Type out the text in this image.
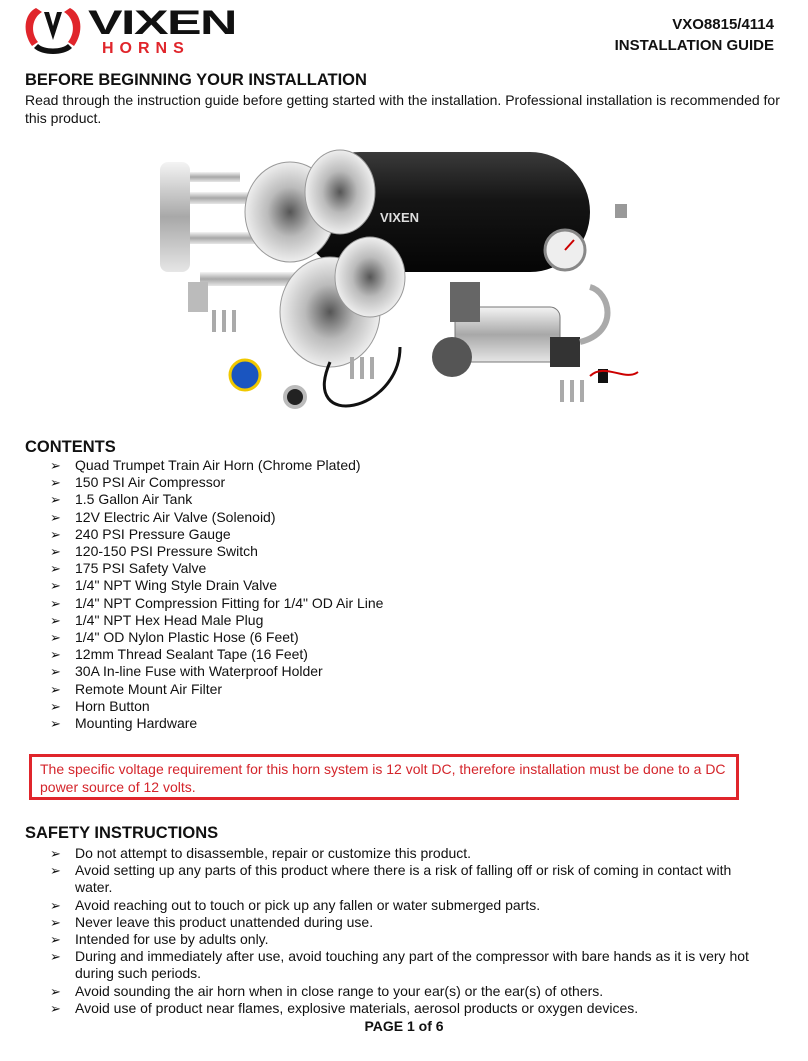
VIXEN
HORNS
VXO8815/4114
INSTALLATION GUIDE
BEFORE BEGINNING YOUR INSTALLATION

Read through the instruction guide before getting started with the installation. Professional installation is recommended for this product.

VIXEN
CONTENTS
➢ Quad Trumpet Train Air Horn (Chrome Plated)
➢ 150 PSI Air Compressor
➢ 1.5 Gallon Air Tank
➢ 12V Electric Air Valve (Solenoid)
➢ 240 PSI Pressure Gauge
➢ 120-150 PSI Pressure Switch
➢ 175 PSI Safety Valve
➢ 1/4" NPT Wing Style Drain Valve
➢ 1/4" NPT Compression Fitting for 1/4" OD Air Line
➢ 1/4" NPT Hex Head Male Plug
➢ 1/4" OD Nylon Plastic Hose (6 Feet)
➢ 12mm Thread Sealant Tape (16 Feet)
➢ 30A In-line Fuse with Waterproof Holder
➢ Remote Mount Air Filter
➢ Horn Button
➢ Mounting Hardware
The specific voltage requirement for this horn system is 12 volt DC, therefore installation must be done to a DC power source of 12 volts.
SAFETY INSTRUCTIONS
➢ Do not attempt to disassemble, repair or customize this product.
➢ Avoid setting up any parts of this product where there is a risk of falling off or risk of coming in contact with water.
➢ Avoid reaching out to touch or pick up any fallen or water submerged parts.
➢ Never leave this product unattended during use.
➢ Intended for use by adults only.
➢ During and immediately after use, avoid touching any part of the compressor with bare hands as it is very hot during such periods.
➢ Avoid sounding the air horn when in close range to your ear(s) or the ear(s) of others.
➢ Avoid use of product near flames, explosive materials, aerosol products or oxygen devices.
PAGE 1 of 6
